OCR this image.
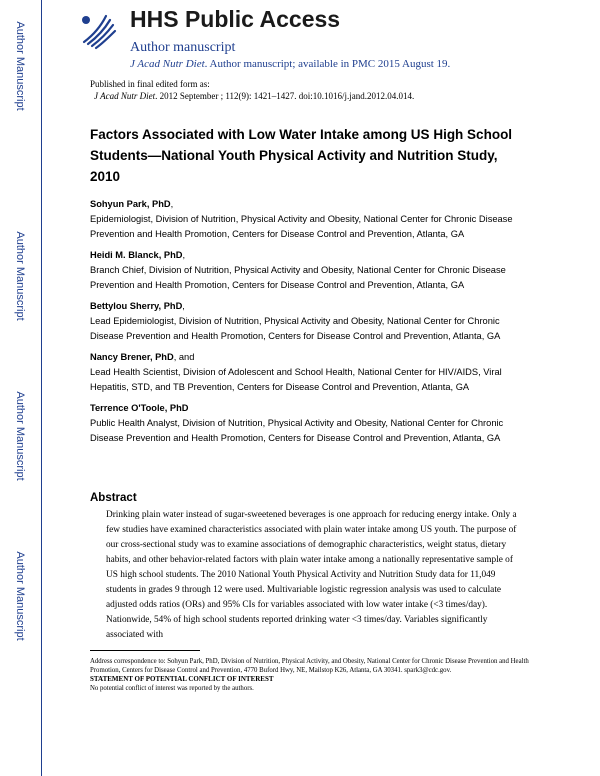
Author Manuscript
Author Manuscript
Author Manuscript
Author Manuscript
HHS Public Access
Author manuscript
J Acad Nutr Diet. Author manuscript; available in PMC 2015 August 19.
Published in final edited form as:
J Acad Nutr Diet. 2012 September ; 112(9): 1421–1427. doi:10.1016/j.jand.2012.04.014.
Factors Associated with Low Water Intake among US High School Students—National Youth Physical Activity and Nutrition Study, 2010
Sohyun Park, PhD,
Epidemiologist, Division of Nutrition, Physical Activity and Obesity, National Center for Chronic Disease Prevention and Health Promotion, Centers for Disease Control and Prevention, Atlanta, GA
Heidi M. Blanck, PhD,
Branch Chief, Division of Nutrition, Physical Activity and Obesity, National Center for Chronic Disease Prevention and Health Promotion, Centers for Disease Control and Prevention, Atlanta, GA
Bettylou Sherry, PhD,
Lead Epidemiologist, Division of Nutrition, Physical Activity and Obesity, National Center for Chronic Disease Prevention and Health Promotion, Centers for Disease Control and Prevention, Atlanta, GA
Nancy Brener, PhD, and
Lead Health Scientist, Division of Adolescent and School Health, National Center for HIV/AIDS, Viral Hepatitis, STD, and TB Prevention, Centers for Disease Control and Prevention, Atlanta, GA
Terrence O'Toole, PhD
Public Health Analyst, Division of Nutrition, Physical Activity and Obesity, National Center for Chronic Disease Prevention and Health Promotion, Centers for Disease Control and Prevention, Atlanta, GA
Abstract
Drinking plain water instead of sugar-sweetened beverages is one approach for reducing energy intake. Only a few studies have examined characteristics associated with plain water intake among US youth. The purpose of our cross-sectional study was to examine associations of demographic characteristics, weight status, dietary habits, and other behavior-related factors with plain water intake among a nationally representative sample of US high school students. The 2010 National Youth Physical Activity and Nutrition Study data for 11,049 students in grades 9 through 12 were used. Multivariable logistic regression analysis was used to calculate adjusted odds ratios (ORs) and 95% CIs for variables associated with low water intake (<3 times/day). Nationwide, 54% of high school students reported drinking water <3 times/day. Variables significantly associated with
Address correspondence to: Sohyun Park, PhD, Division of Nutrition, Physical Activity, and Obesity, National Center for Chronic Disease Prevention and Health Promotion, Centers for Disease Control and Prevention, 4770 Buford Hwy, NE, Mailstop K26, Atlanta, GA 30341. spark3@cdc.gov.
STATEMENT OF POTENTIAL CONFLICT OF INTEREST
No potential conflict of interest was reported by the authors.
